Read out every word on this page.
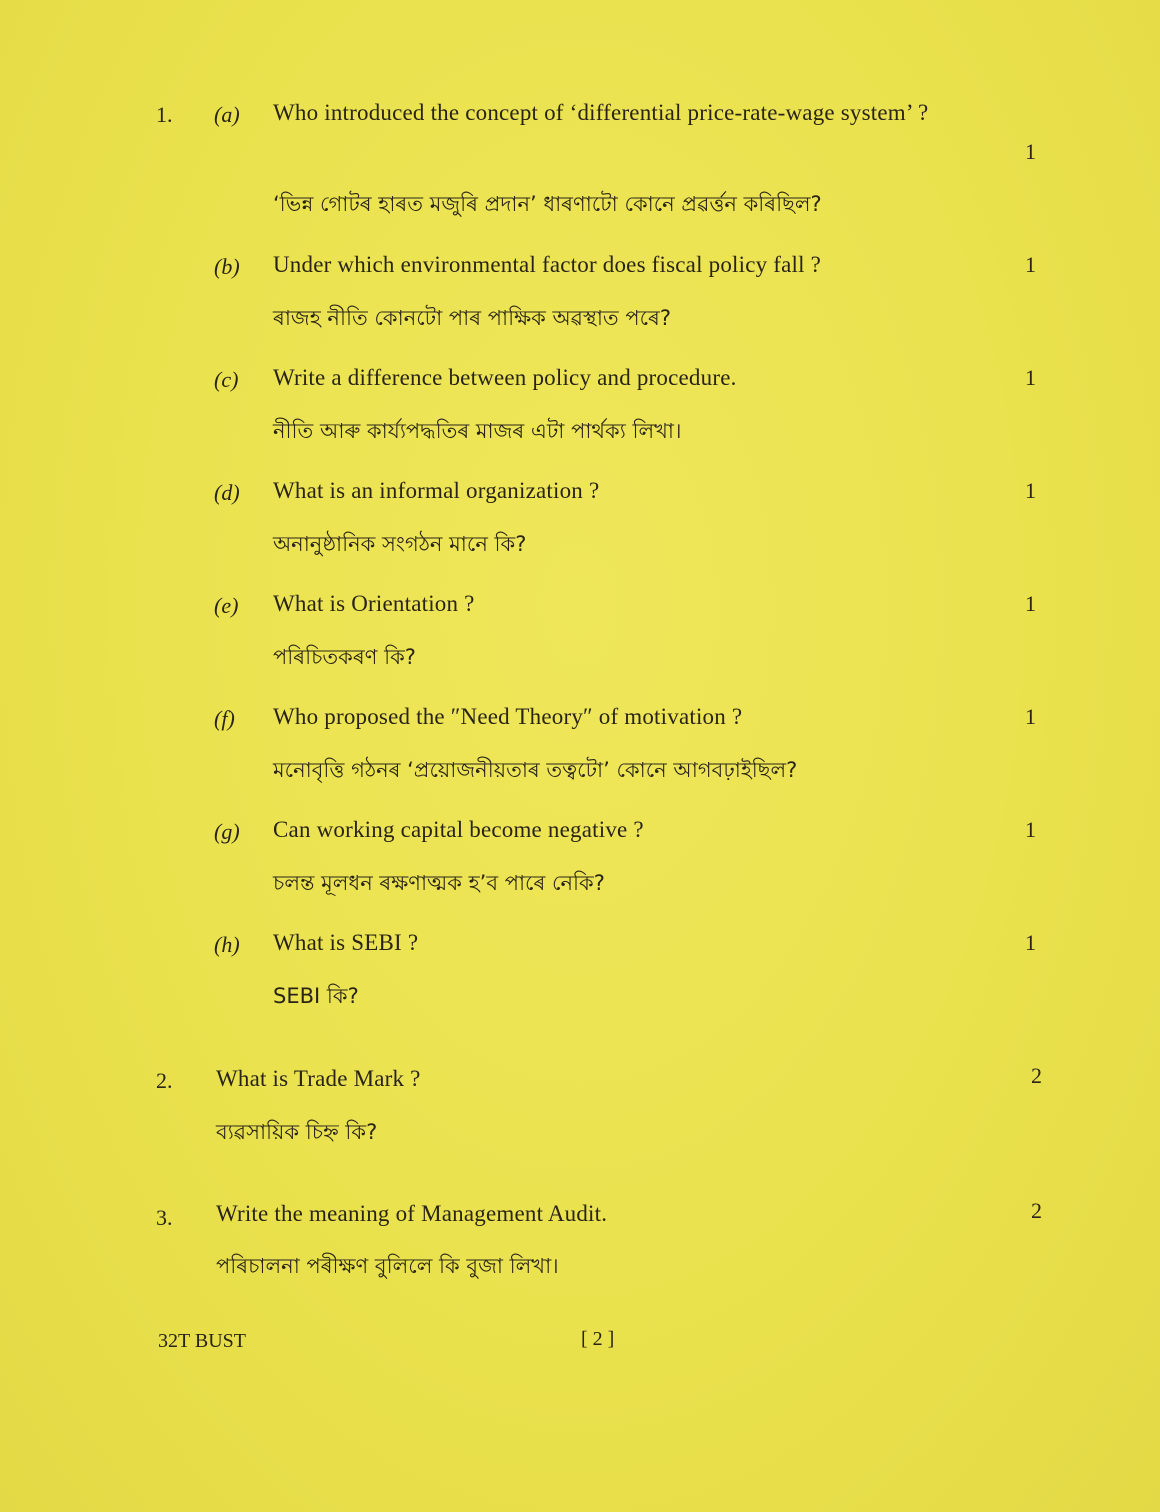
1. (a) Who introduced the concept of ‘differential price-rate-wage system’ ?
1
‘ভিন্ন গোটৰ হাৰত মজুৰি প্ৰদান’ ধাৰণাটো কোনে প্ৰৱৰ্ত্তন কৰিছিল?
(b) Under which environmental factor does fiscal policy fall ?	1
ৰাজহ নীতি কোনটো পাৰ পাক্ষিক অৱস্থাত পৰে?
(c) Write a difference between policy and procedure.	1
নীতি আৰু কাৰ্য্যপদ্ধতিৰ মাজৰ এটা পাৰ্থক্য লিখা।
(d) What is an informal organization ?	1
অনানুষ্ঠানিক সংগঠন মানে কি?
(e) What is Orientation ?	1
পৰিচিতকৰণ কি?
(f) Who proposed the ″Need Theory″ of motivation ?	1
মনোবৃত্তি গঠনৰ ‘প্ৰয়োজনীয়তাৰ তত্বটো’ কোনে আগবঢ়াইছিল?
(g) Can working capital become negative ?	1
চলন্ত মূলধন ৰক্ষণাত্মক হ’ব পাৰে নেকি?
(h) What is SEBI ?	1
SEBI কি?
2. What is Trade Mark ?	2
ব্যৱসায়িক চিহ্ন কি?
3. Write the meaning of Management Audit.	2
পৰিচালনা পৰীক্ষণ বুলিলে কি বুজা লিখা।
32T BUST	[ 2 ]
